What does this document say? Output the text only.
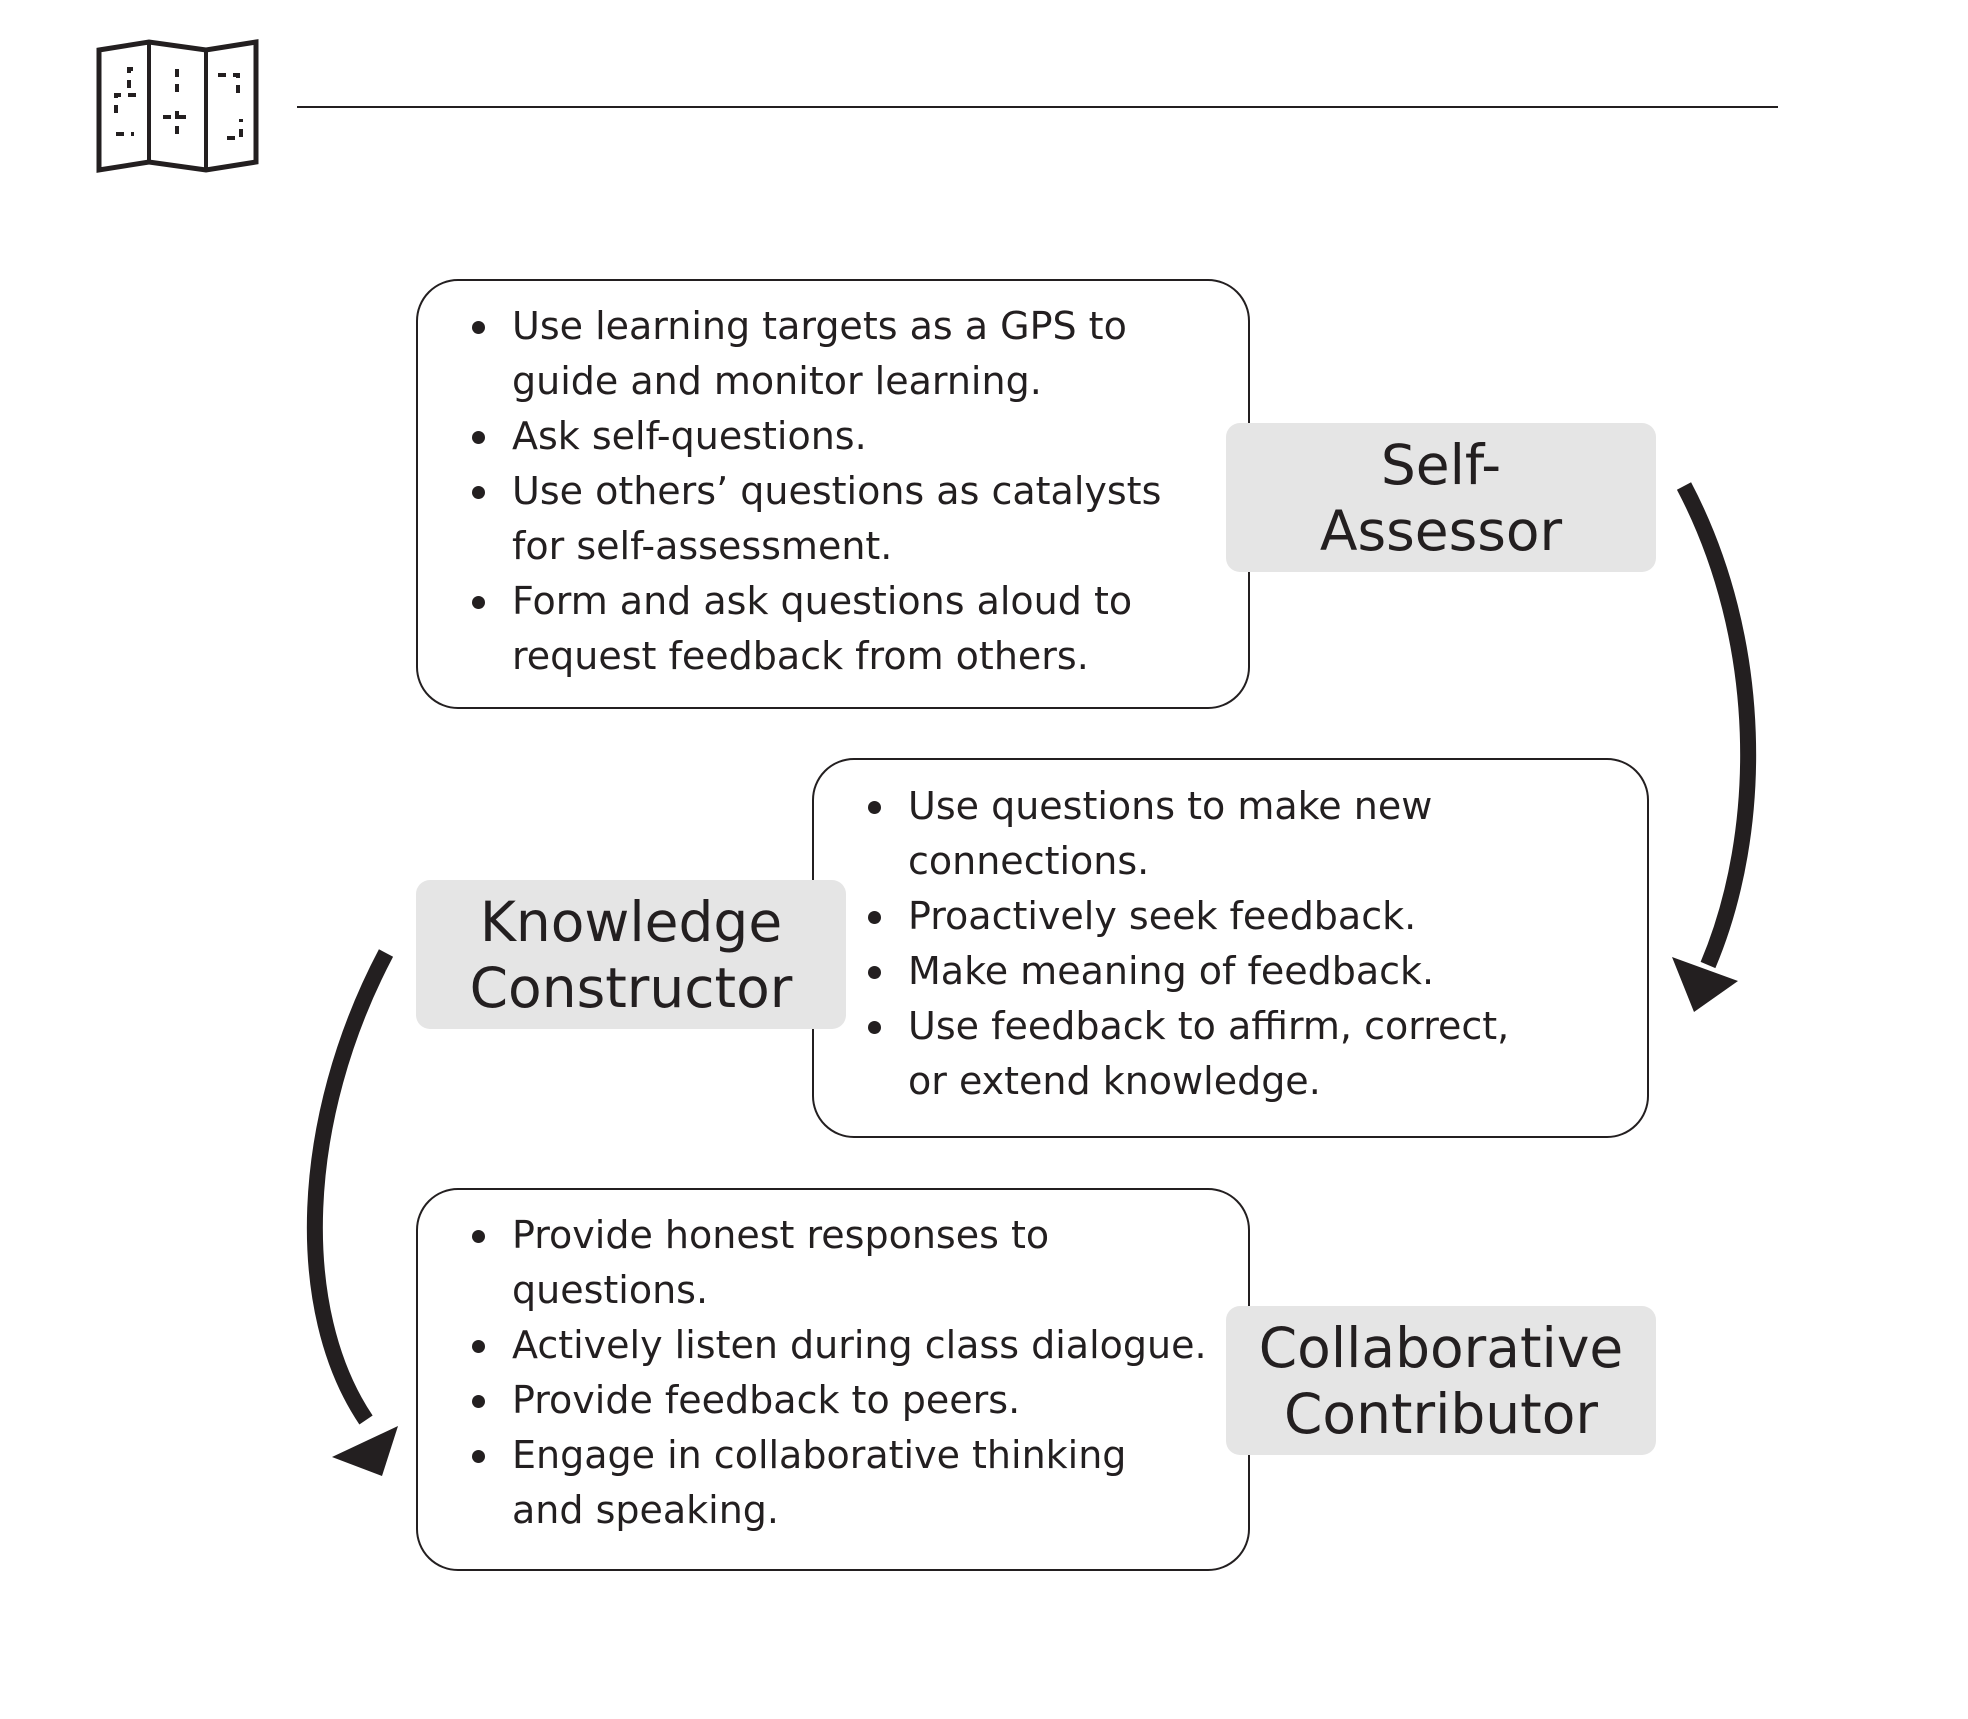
Use learning targets as a GPS to
guide and monitor learning.
Ask self-questions.
Use others’ questions as catalysts
for self-assessment.
Form and ask questions aloud to
request feedback from others.
Self-
Assessor
Use questions to make new
connections.
Proactively seek feedback.
Make meaning of feedback.
Use feedback to affirm, correct,
or extend knowledge.
Knowledge
Constructor
Provide honest responses to
questions.
Actively listen during class dialogue.
Provide feedback to peers.
Engage in collaborative thinking
and speaking.
Collaborative
Contributor
